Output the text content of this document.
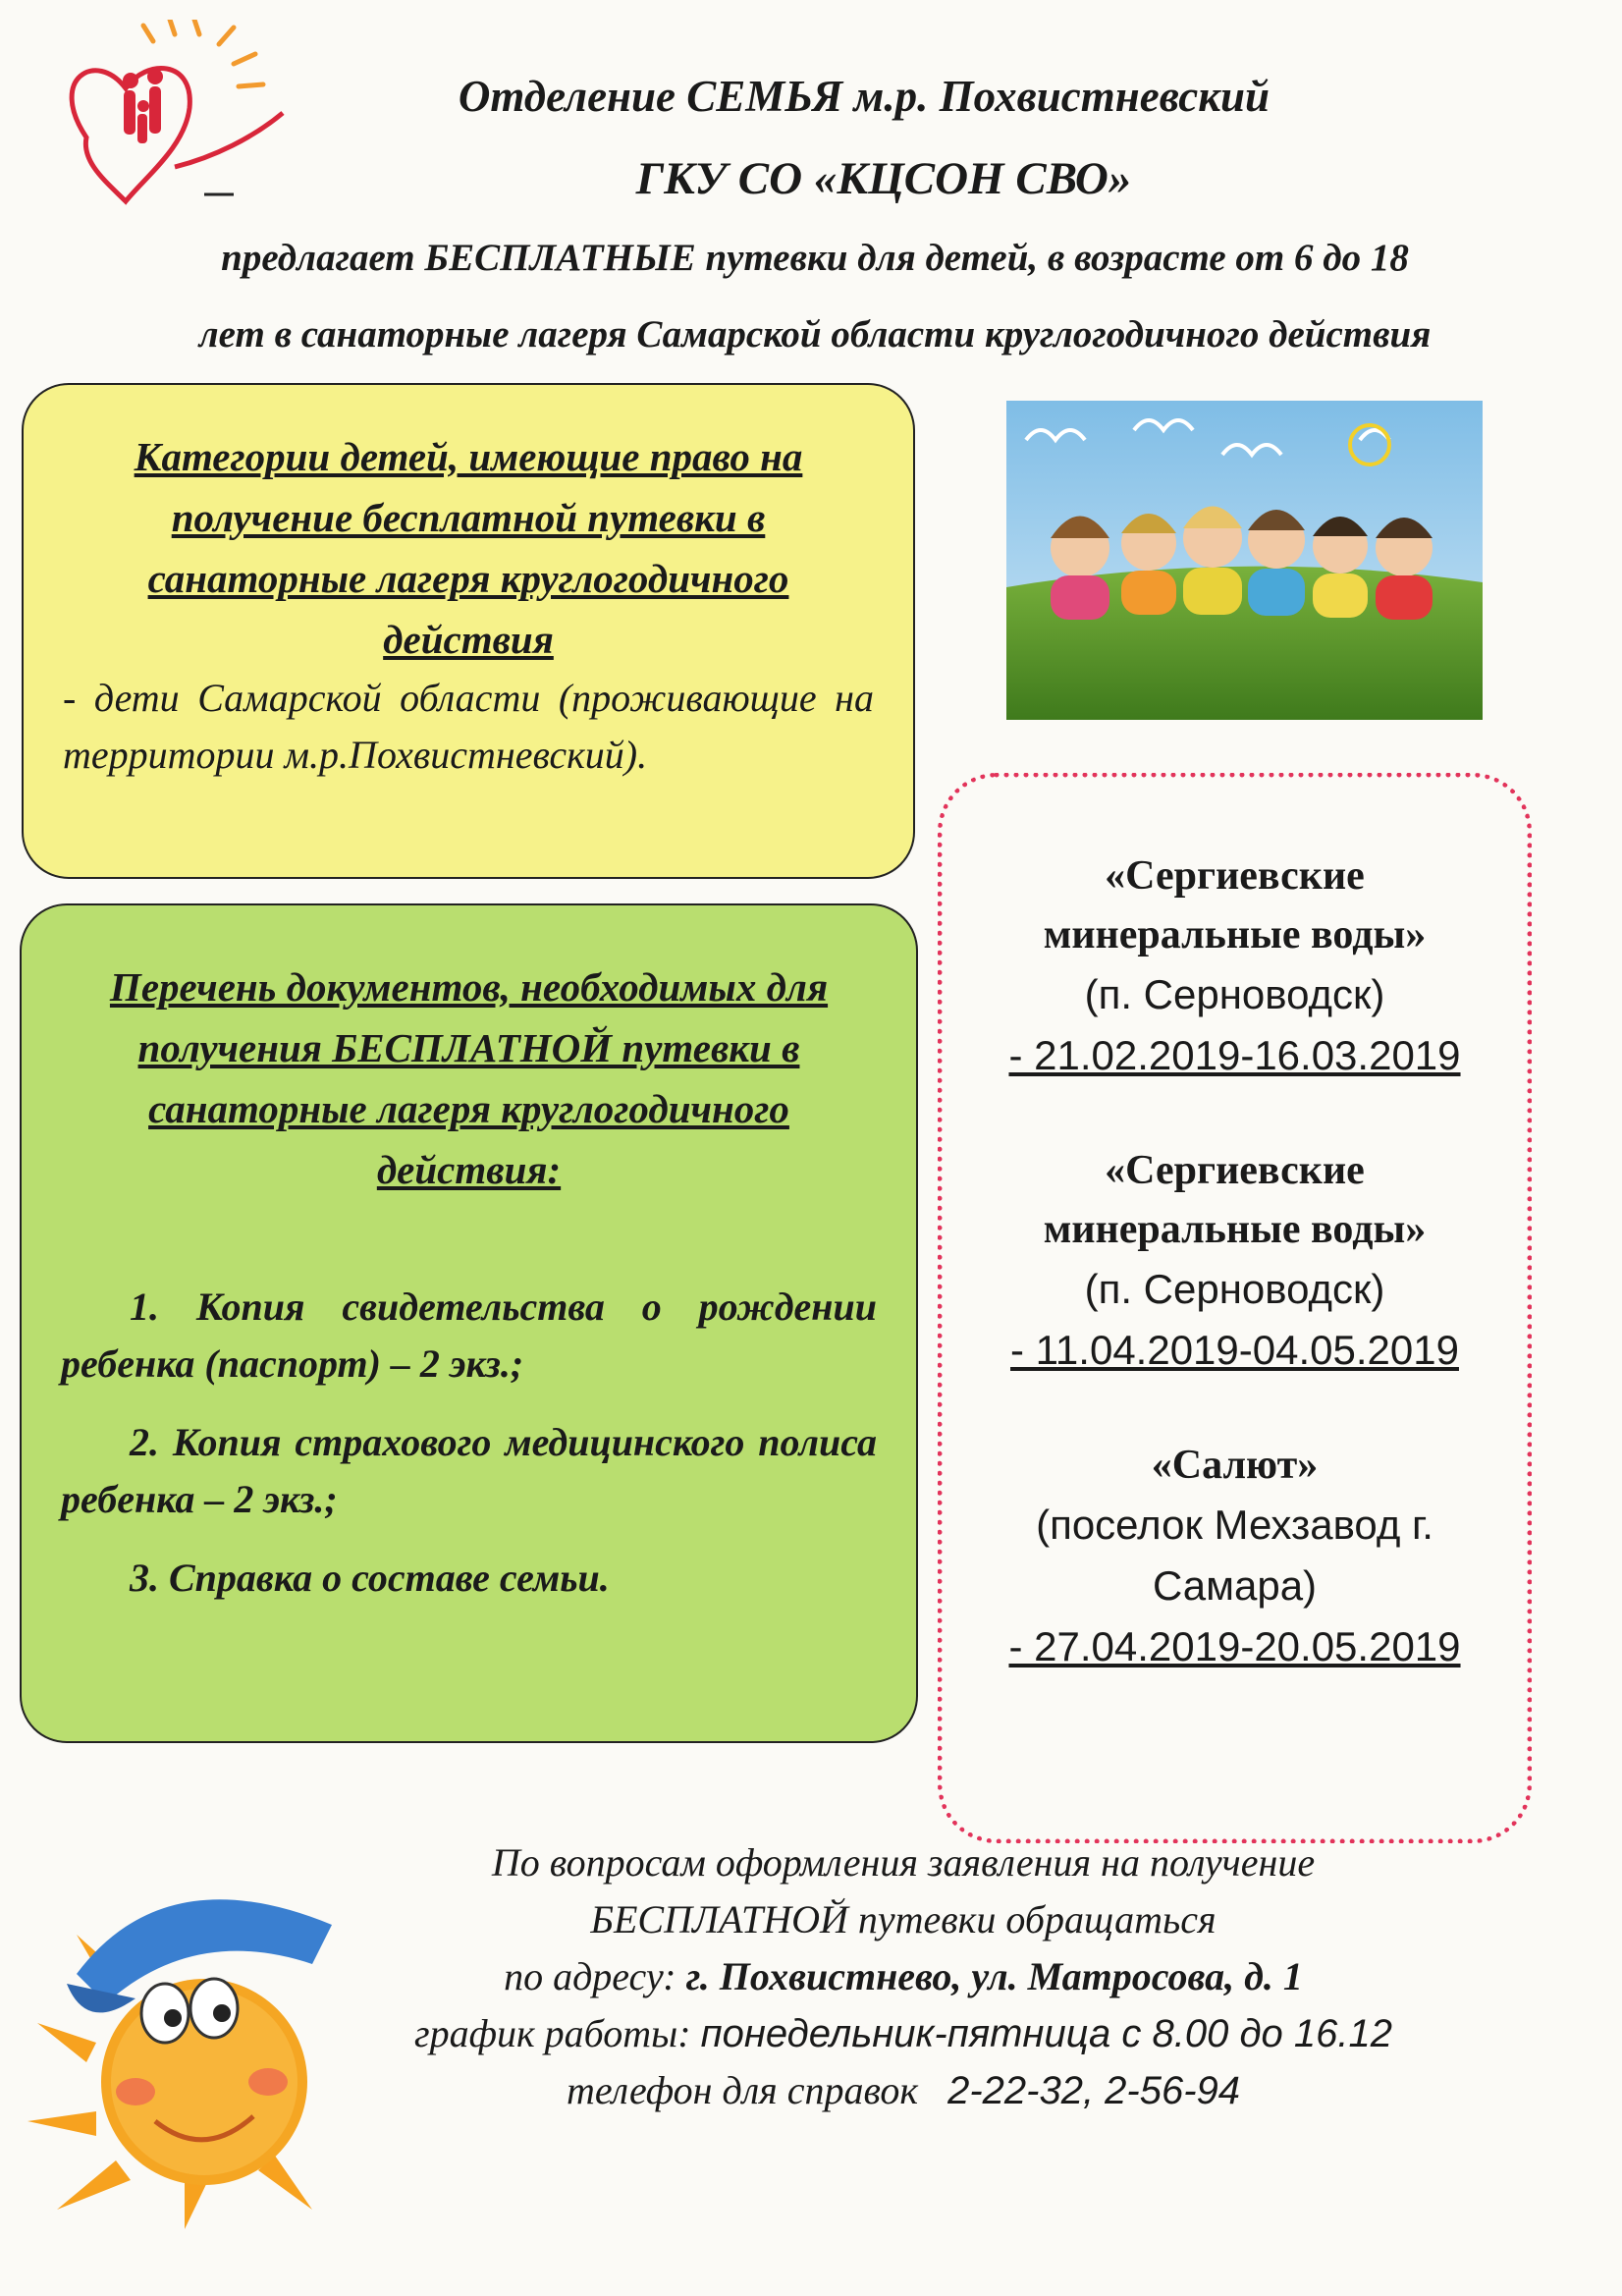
Отделение СЕМЬЯ м.р. Похвистневский
ГКУ СО «КЦСОН СВО»
предлагает БЕСПЛАТНЫЕ путевки для детей, в возрасте от 6 до 18
лет в санаторные лагеря Самарской области круглогодичного действия

Категории детей, имеющие право на получение бесплатной путевки в санаторные лагеря круглогодичного действия

- дети Самарской области (проживающие на территории м.р.Похвистневский).

Перечень документов, необходимых для получения БЕСПЛАТНОЙ путевки в санаторные лагеря круглогодичного действия:

1. Копия свидетельства о рождении ребенка (паспорт) – 2 экз.;
2. Копия страхового медицинского полиса ребенка – 2 экз.;
3. Справка о составе семьи.
«Сергиевские минеральные воды»
(п. Серноводск)
- 21.02.2019-16.03.2019
«Сергиевские минеральные воды»
(п. Серноводск)
- 11.04.2019-04.05.2019
«Салют»
(поселок Мехзавод г. Самара)
- 27.04.2019-20.05.2019
По вопросам оформления заявления на получение
БЕСПЛАТНОЙ путевки обращаться
по адресу: г. Похвистнево, ул. Матросова, д. 1
график работы: понедельник-пятница с 8.00 до 16.12
телефон для справок 2-22-32, 2-56-94
